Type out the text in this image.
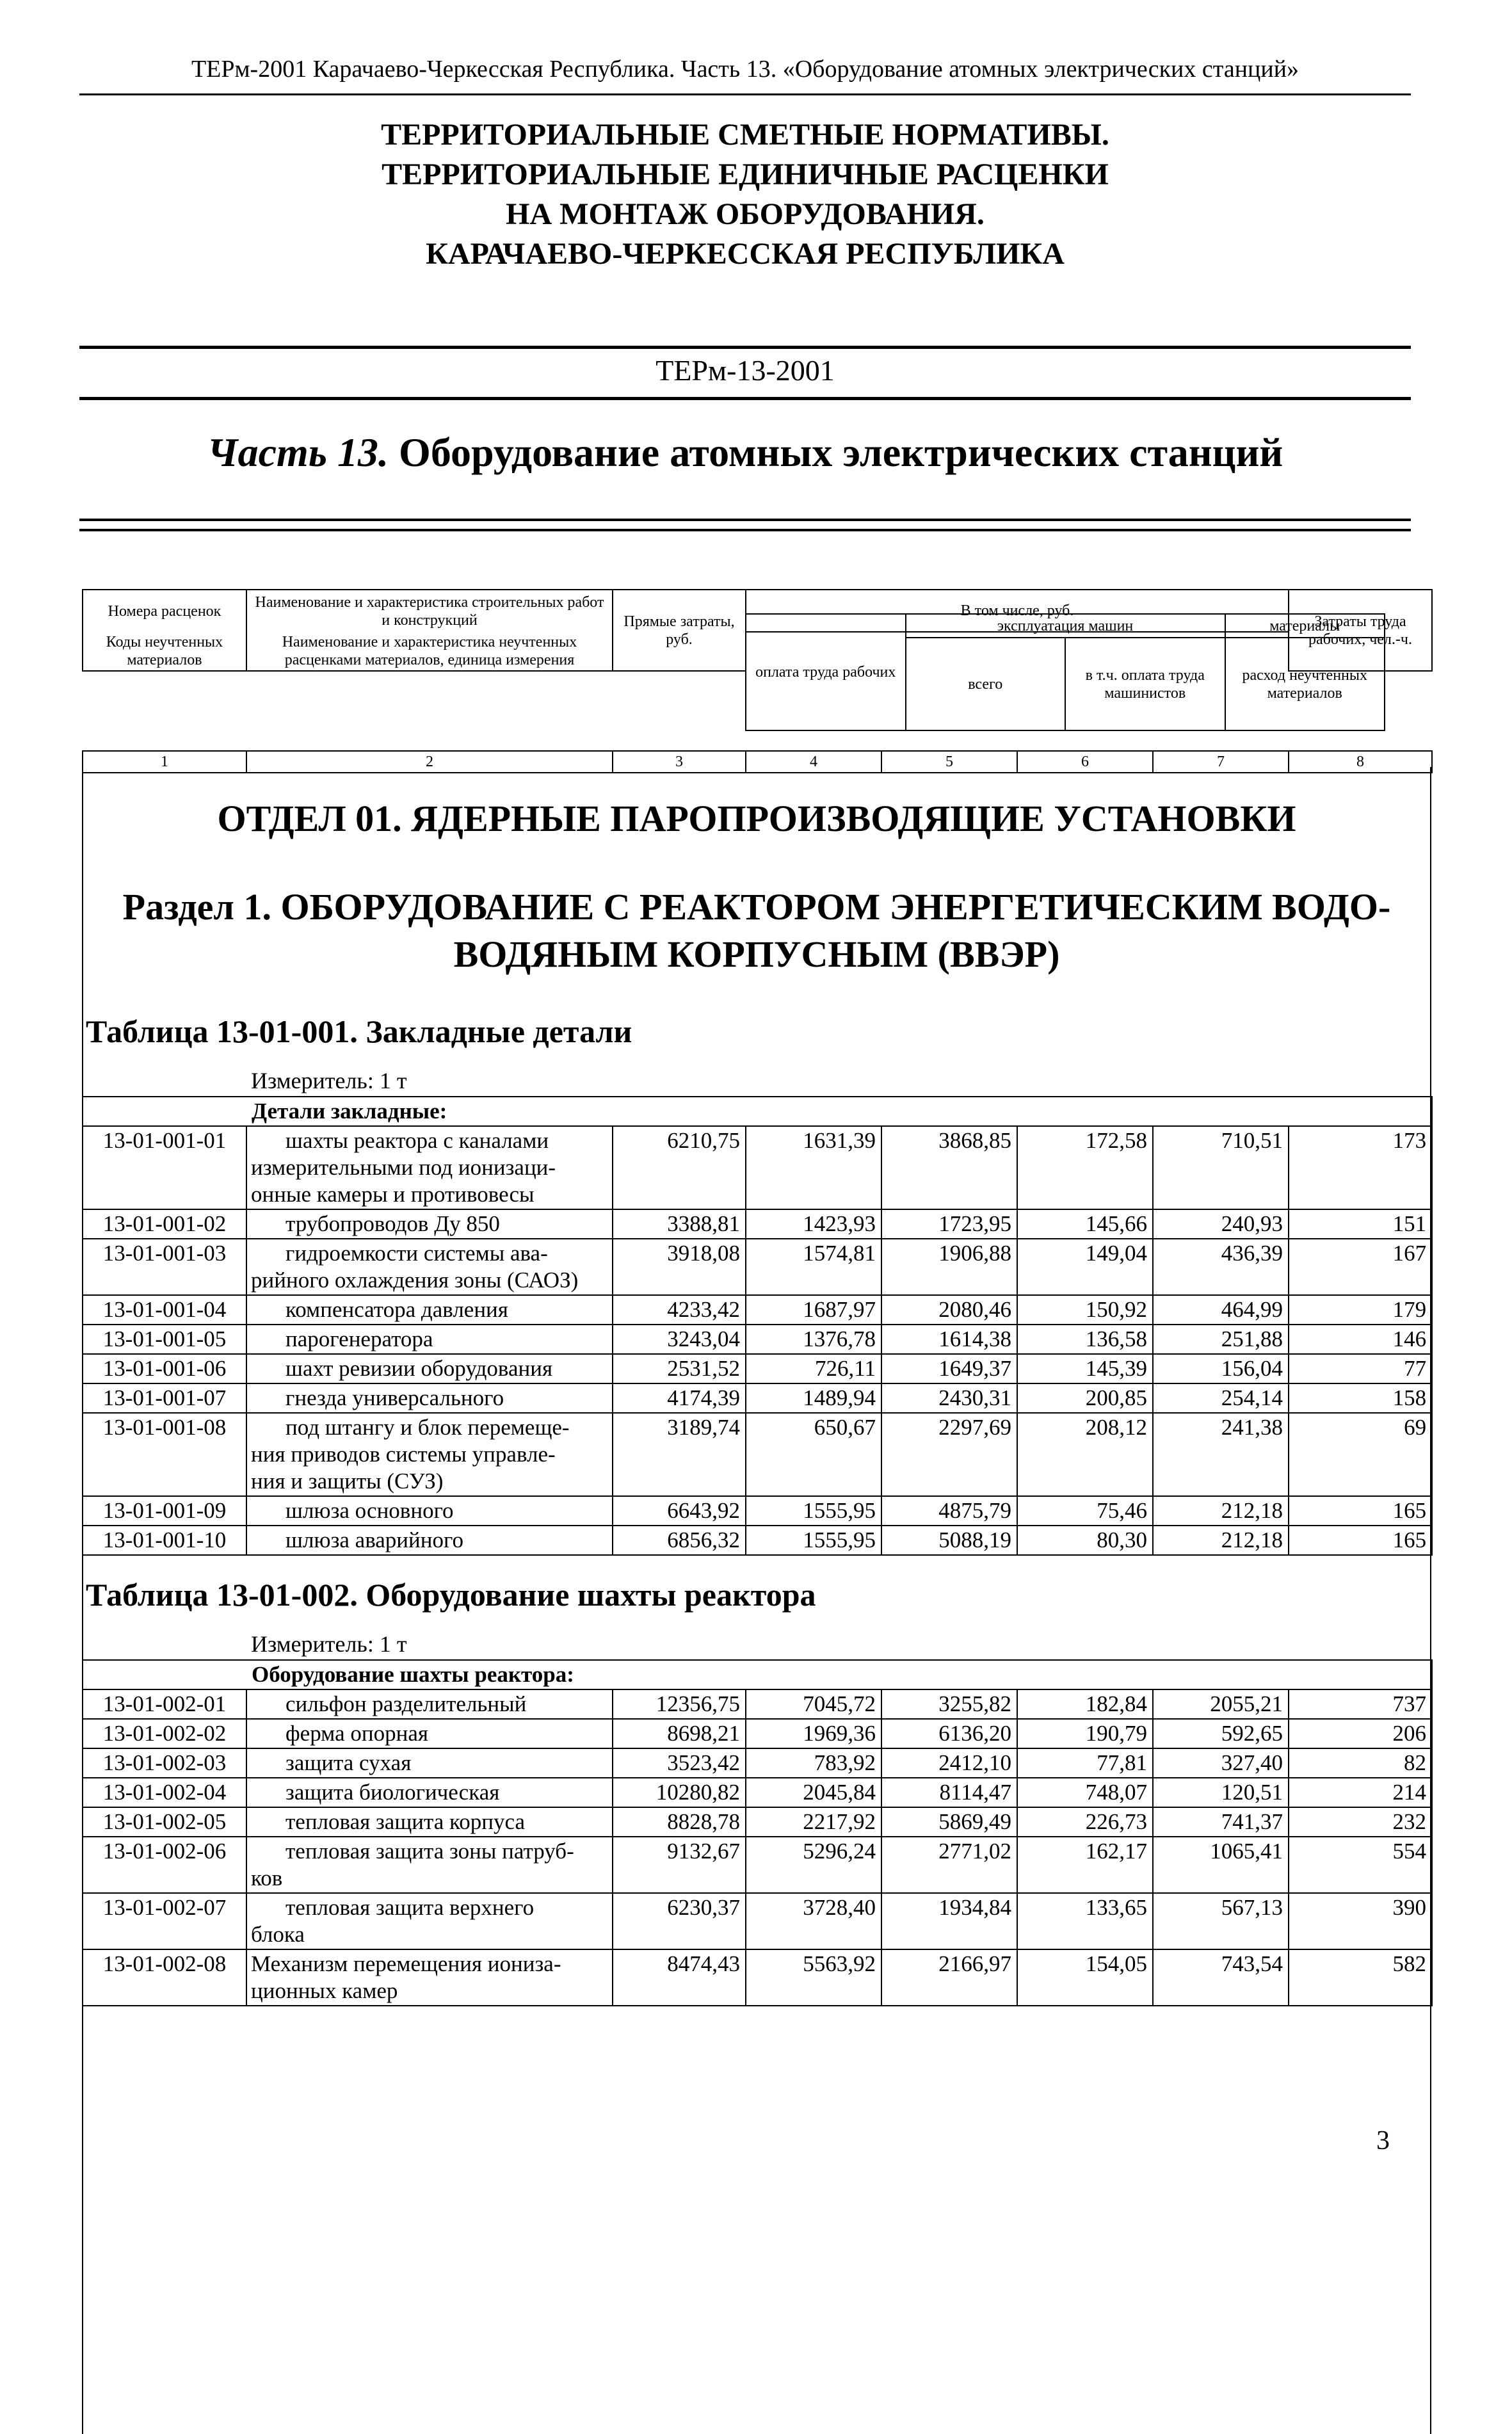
ТЕРм-2001 Карачаево-Черкесская Республика. Часть 13. «Оборудование атомных электрических станций»
ТЕРРИТОРИАЛЬНЫЕ СМЕТНЫЕ НОРМАТИВЫ.
ТЕРРИТОРИАЛЬНЫЕ ЕДИНИЧНЫЕ РАСЦЕНКИ
НА МОНТАЖ ОБОРУДОВАНИЯ.
КАРАЧАЕВО-ЧЕРКЕССКАЯ РЕСПУБЛИКА
ТЕРм-13-2001
Часть 13. Оборудование атомных электрических станций
Номера расценок	Наименование и характеристика строительных работ и конструкций	Прямые затраты, руб.	В том числе, руб.	Затраты труда рабочих, чел.-ч.
Коды неучтенных материалов	Наименование и характеристика неучтенных расценками материалов, единица измерения			

оплата труда рабочих	эксплуатация машин		материалы
	всего	в т.ч. оплата труда машинистов	расход неучтенных материалов
1	2	3	4	5	6	7	8
ОТДЕЛ 01. ЯДЕРНЫЕ ПАРОПРОИЗВОДЯЩИЕ УСТАНОВКИ
Раздел 1. ОБОРУДОВАНИЕ С РЕАКТОРОМ ЭНЕРГЕТИЧЕСКИМ ВОДО-
ВОДЯНЫМ КОРПУСНЫМ (ВВЭР)
Таблица 13-01-001. Закладные детали
Измеритель: 1 т
	Детали закладные:						
13-01-001-01	шахты реактора с каналами
измерительными под ионизаци-
онные камеры и противовесы	6210,75	1631,39	3868,85	172,58	710,51	173
13-01-001-02	трубопроводов Ду 850	3388,81	1423,93	1723,95	145,66	240,93	151
13-01-001-03	гидроемкости системы ава-
рийного охлаждения зоны (САОЗ)	3918,08	1574,81	1906,88	149,04	436,39	167
13-01-001-04	компенсатора давления	4233,42	1687,97	2080,46	150,92	464,99	179
13-01-001-05	парогенератора	3243,04	1376,78	1614,38	136,58	251,88	146
13-01-001-06	шахт ревизии оборудования	2531,52	726,11	1649,37	145,39	156,04	77
13-01-001-07	гнезда универсального	4174,39	1489,94	2430,31	200,85	254,14	158
13-01-001-08	под штангу и блок перемеще-
ния приводов системы управле-
ния и защиты (СУЗ)	3189,74	650,67	2297,69	208,12	241,38	69
13-01-001-09	шлюза основного	6643,92	1555,95	4875,79	75,46	212,18	165
13-01-001-10	шлюза аварийного	6856,32	1555,95	5088,19	80,30	212,18	165
Таблица 13-01-002. Оборудование шахты реактора
Измеритель: 1 т
	Оборудование шахты реактора:						
13-01-002-01	сильфон разделительный	12356,75	7045,72	3255,82	182,84	2055,21	737
13-01-002-02	ферма опорная	8698,21	1969,36	6136,20	190,79	592,65	206
13-01-002-03	защита сухая	3523,42	783,92	2412,10	77,81	327,40	82
13-01-002-04	защита биологическая	10280,82	2045,84	8114,47	748,07	120,51	214
13-01-002-05	тепловая защита корпуса	8828,78	2217,92	5869,49	226,73	741,37	232
13-01-002-06	тепловая защита зоны патруб-
ков	9132,67	5296,24	2771,02	162,17	1065,41	554
13-01-002-07	тепловая защита верхнего
блока	6230,37	3728,40	1934,84	133,65	567,13	390
13-01-002-08	Механизм перемещения иониза-
ционных камер	8474,43	5563,92	2166,97	154,05	743,54	582
3
